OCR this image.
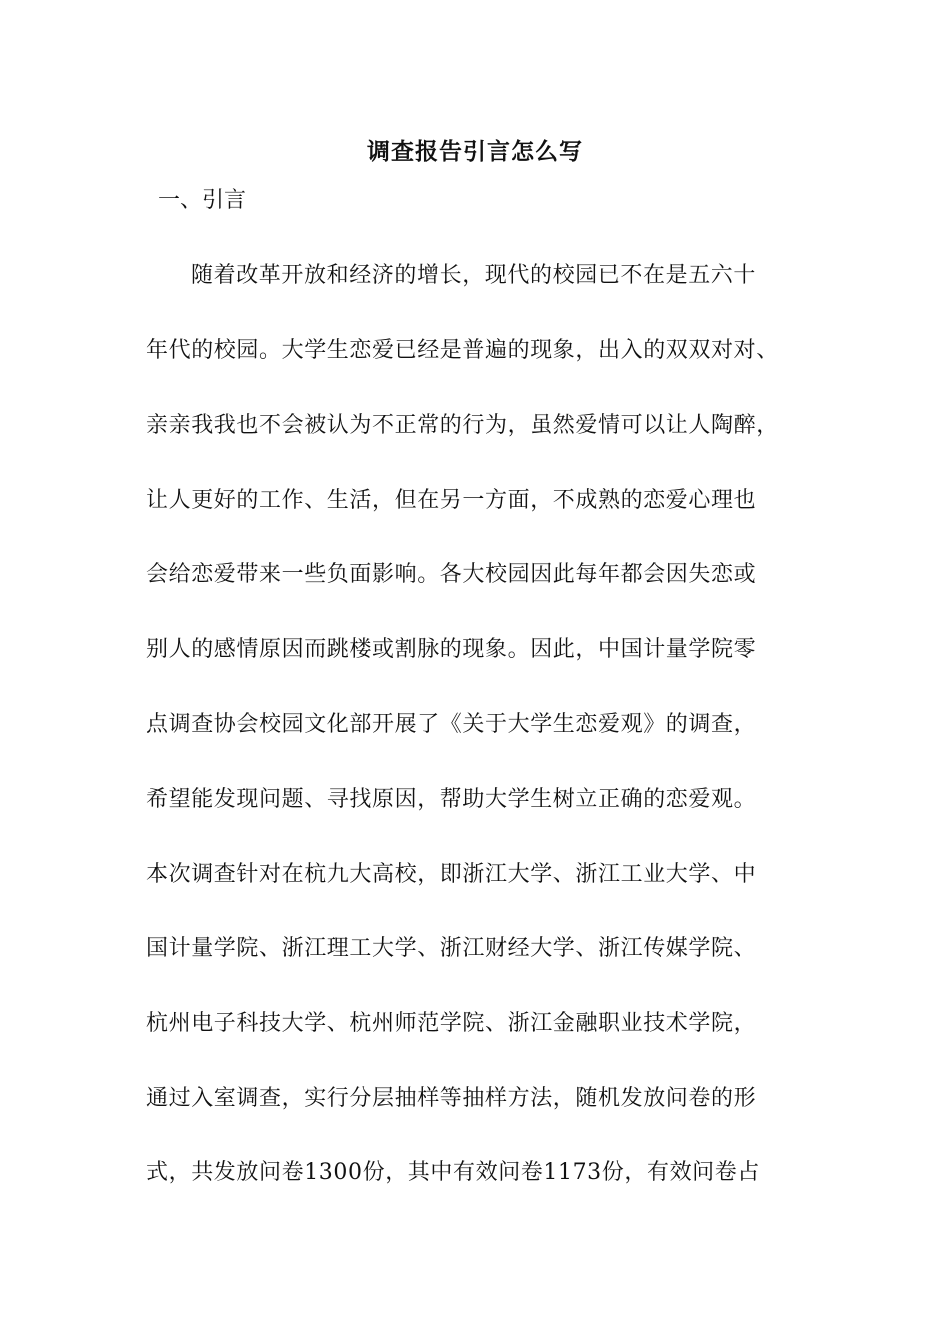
调查报告引言怎么写
一、引言
随着改革开放和经济的增长，现代的校园已不在是五六十
年代的校园。大学生恋爱已经是普遍的现象，出入的双双对对、
亲亲我我也不会被认为不正常的行为，虽然爱情可以让人陶醉，
让人更好的工作、生活，但在另一方面，不成熟的恋爱心理也
会给恋爱带来一些负面影响。各大校园因此每年都会因失恋或
别人的感情原因而跳楼或割脉的现象。因此，中国计量学院零
点调查协会校园文化部开展了《关于大学生恋爱观》的调查，
希望能发现问题、寻找原因，帮助大学生树立正确的恋爱观。
本次调查针对在杭九大高校，即浙江大学、浙江工业大学、中
国计量学院、浙江理工大学、浙江财经大学、浙江传媒学院、
杭州电子科技大学、杭州师范学院、浙江金融职业技术学院，
通过入室调查，实行分层抽样等抽样方法，随机发放问卷的形
式，共发放问卷1300份，其中有效问卷1173份，有效问卷占
